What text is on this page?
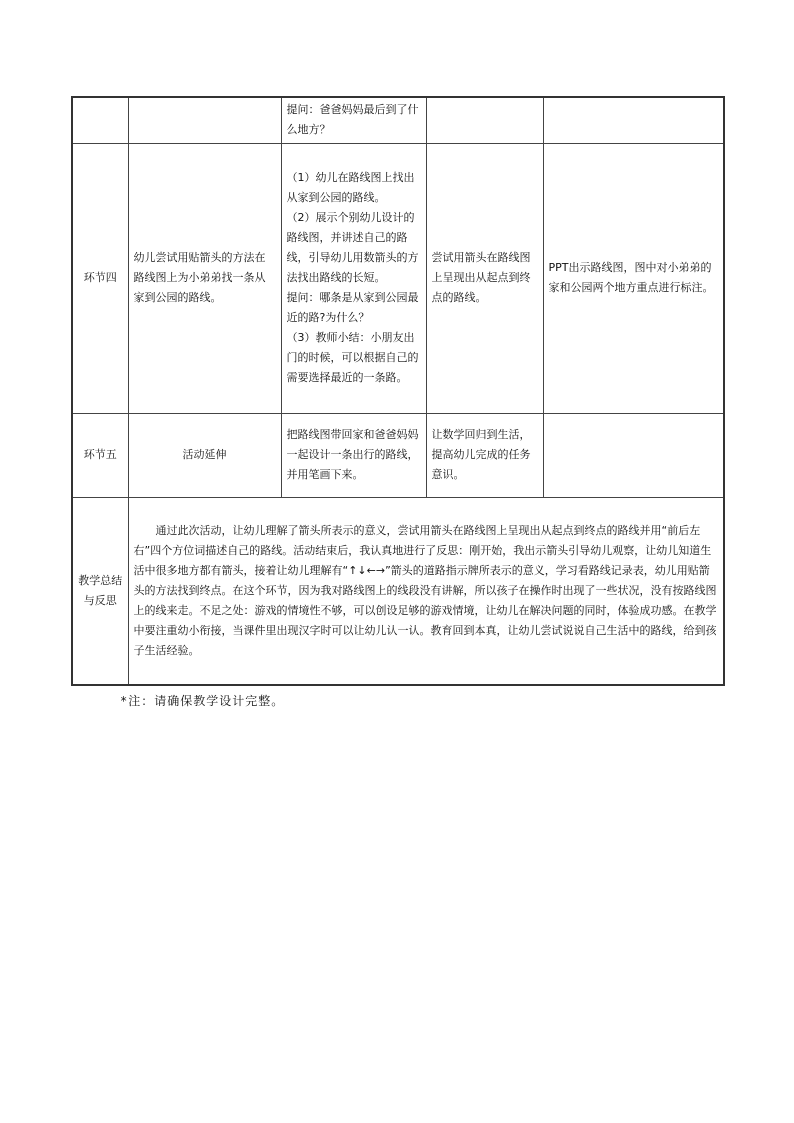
		提问：爸爸妈妈最后到了什么地方？		
环节四	幼儿尝试用贴箭头的方法在路线图上为小弟弟找一条从家到公园的路线。	（1）幼儿在路线图上找出从家到公园的路线。

（2）展示个别幼儿设计的路线图，并讲述自己的路线，引导幼儿用数箭头的方法找出路线的长短。

提问：哪条是从家到公园最近的路?为什么？

（3）教师小结：小朋友出门的时候，可以根据自己的需要选择最近的一条路。	尝试用箭头在路线图上呈现出从起点到终点的路线。	PPT出示路线图，图中对小弟弟的家和公园两个地方重点进行标注。
环节五	活动延伸	把路线图带回家和爸爸妈妈一起设计一条出行的路线，并用笔画下来。	让数学回归到生活，提高幼儿完成的任务意识。	
教学总结与反思	通过此次活动，让幼儿理解了箭头所表示的意义，尝试用箭头在路线图上呈现出从起点到终点的路线并用“前后左右”四个方位词描述自己的路线。活动结束后，我认真地进行了反思：刚开始，我出示箭头引导幼儿观察，让幼儿知道生活中很多地方都有箭头，接着让幼儿理解有“↑↓←→”箭头的道路指示牌所表示的意义，学习看路线记录表，幼儿用贴箭头的方法找到终点。在这个环节，因为我对路线图上的线段没有讲解，所以孩子在操作时出现了一些状况，没有按路线图上的线来走。不足之处：游戏的情境性不够，可以创设足够的游戏情境，让幼儿在解决问题的同时，体验成功感。在教学中要注重幼小衔接，当课件里出现汉字时可以让幼儿认一认。教育回到本真，让幼儿尝试说说自己生活中的路线，给到孩子生活经验。			
*注：请确保教学设计完整。
